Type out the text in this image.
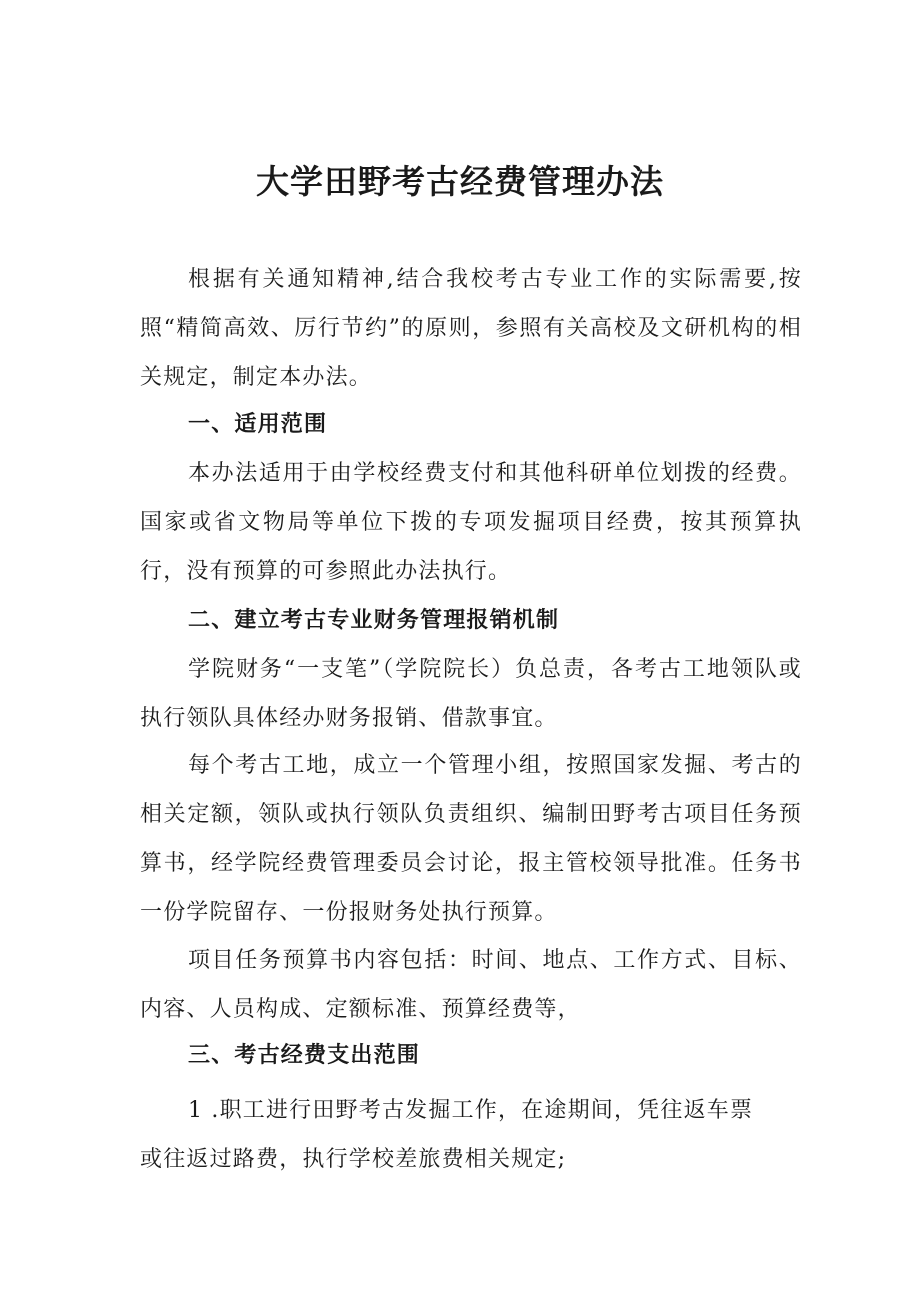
大学田野考古经费管理办法

根据有关通知精神,结合我校考古专业工作的实际需要,按照“精简高效、厉行节约”的原则，参照有关高校及文研机构的相关规定，制定本办法。

一、适用范围

本办法适用于由学校经费支付和其他科研单位划拨的经费。国家或省文物局等单位下拨的专项发掘项目经费，按其预算执行，没有预算的可参照此办法执行。

二、建立考古专业财务管理报销机制

学院财务“一支笔”（学院院长）负总责，各考古工地领队或执行领队具体经办财务报销、借款事宜。

每个考古工地，成立一个管理小组，按照国家发掘、考古的相关定额，领队或执行领队负责组织、编制田野考古项目任务预算书，经学院经费管理委员会讨论，报主管校领导批准。任务书一份学院留存、一份报财务处执行预算。

项目任务预算书内容包括：时间、地点、工作方式、目标、内容、人员构成、定额标准、预算经费等，

三、考古经费支出范围
1 .职工进行田野考古发掘工作，在途期间，凭往返车票
或往返过路费，执行学校差旅费相关规定;
